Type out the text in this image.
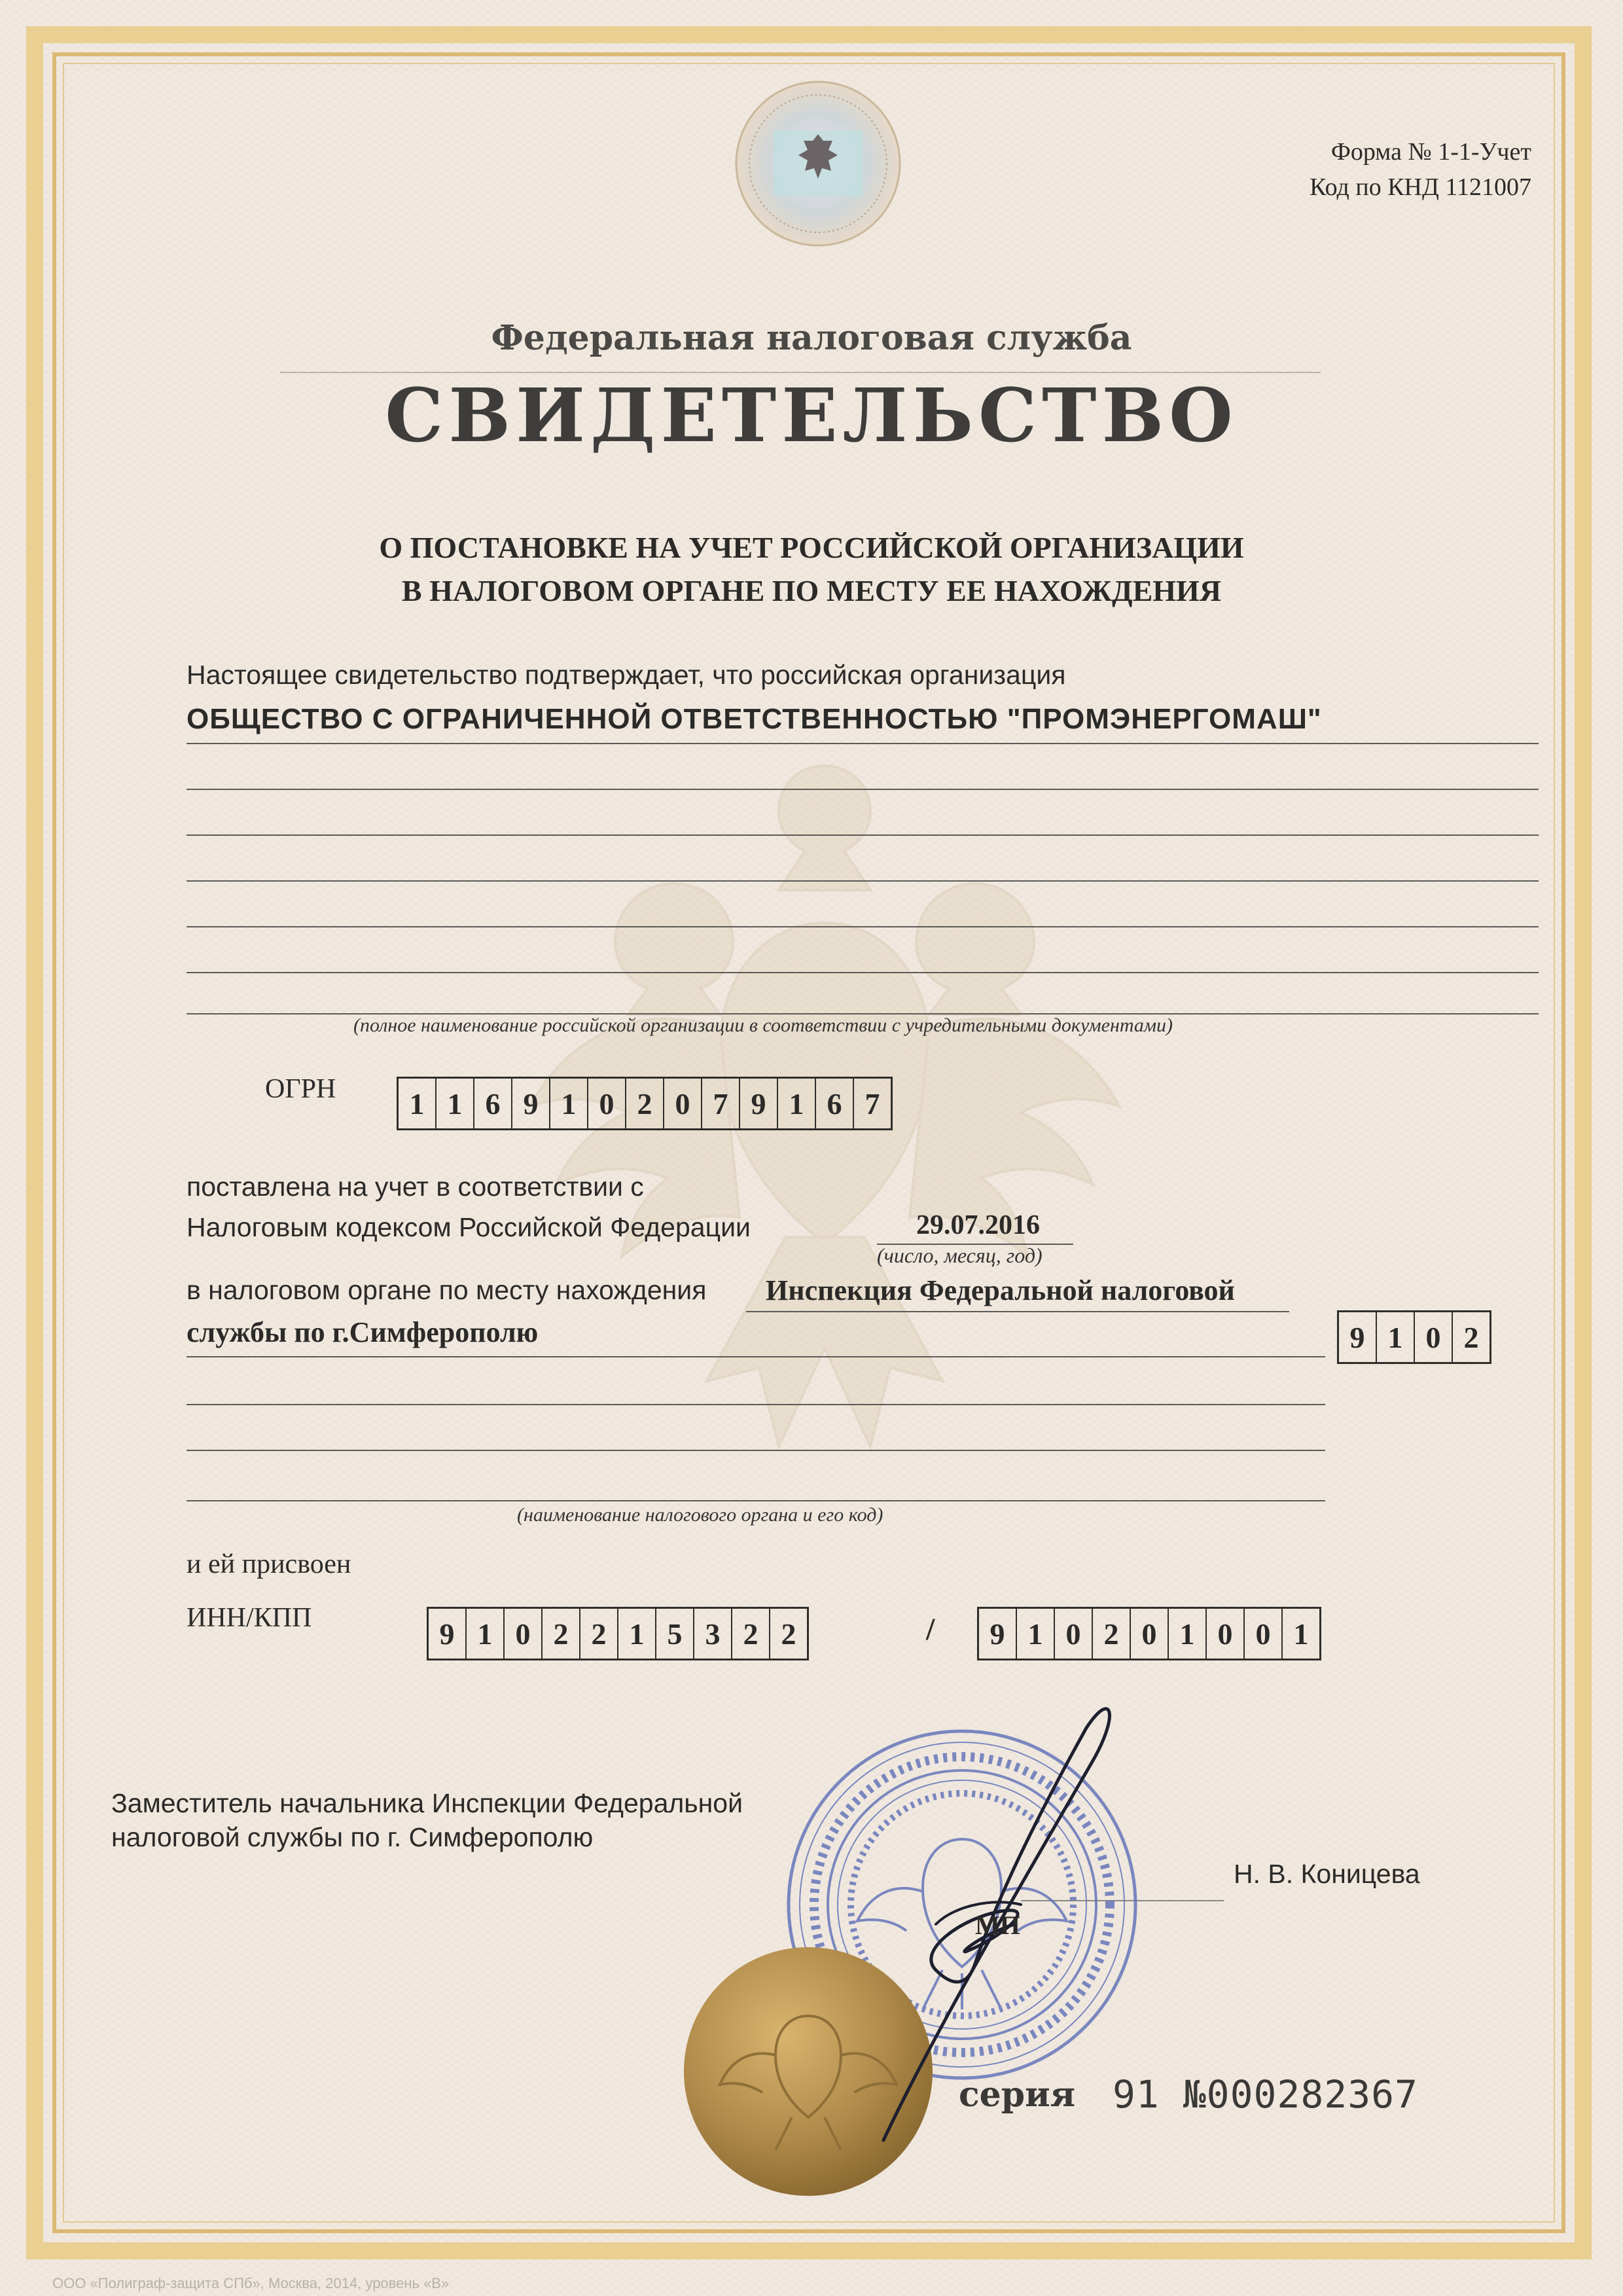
Форма № 1-1-Учет
Код по КНД 1121007
Федеральная налоговая служба
СВИДЕТЕЛЬСТВО
О ПОСТАНОВКЕ НА УЧЕТ РОССИЙСКОЙ ОРГАНИЗАЦИИ
В НАЛОГОВОМ ОРГАНЕ ПО МЕСТУ ЕЕ НАХОЖДЕНИЯ
Настоящее свидетельство подтверждает, что российская организация
ОБЩЕСТВО С ОГРАНИЧЕННОЙ ОТВЕТСТВЕННОСТЬЮ "ПРОМЭНЕРГОМАШ"
(полное наименование российской организации в соответствии с учредительными документами)
ОГРН	1 1 6 9 1 0 2 0 7 9 1 6 7
поставлена на учет в соответствии с
Налоговым кодексом Российской Федерации	29.07.2016
(число, месяц, год)
в налоговом органе по месту нахождения Инспекция Федеральной налоговой
службы по г.Симферополю	9 1 0 2
(наименование налогового органа и его код)
и ей присвоен
ИНН/КПП	9 1 0 2 2 1 5 3 2 2	/	9 1 0 2 0 1 0 0 1
Заместитель начальника Инспекции Федеральной
налоговой службы по г. Симферополю
Н. В. Коницева
МП
серия 91 №000282367
ООО «Полиграф-защита СПб», Москва, 2014, уровень «В»
